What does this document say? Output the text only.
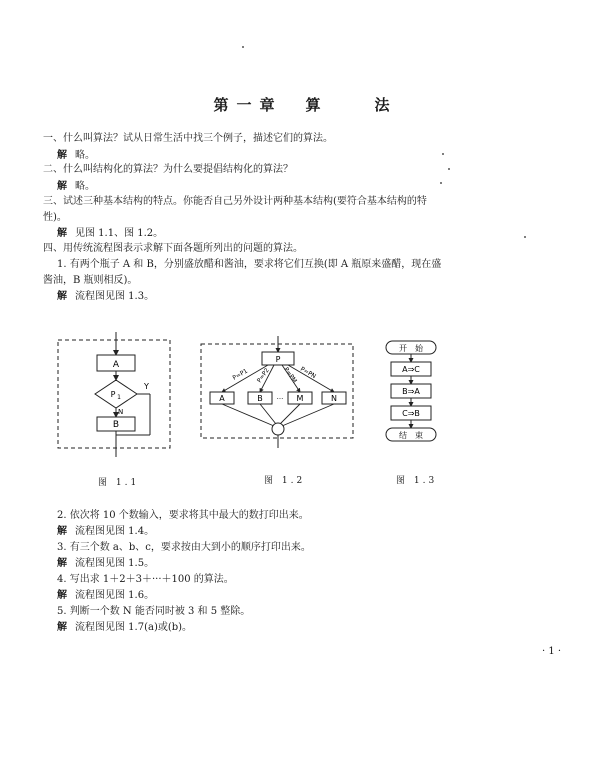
第一章　算　　法
一、什么叫算法？试从日常生活中找三个例子，描述它们的算法。
解 略。
二、什么叫结构化的算法？为什么要提倡结构化的算法？
解 略。
三、试述三种基本结构的特点。你能否自己另外设计两种基本结构(要符合基本结构的特
性)。
解 见图 1.1、图 1.2。
四、用传统流程图表示求解下面各题所列出的问题的算法。
1. 有两个瓶子 A 和 B，分别盛放醋和酱油，要求将它们互换(即 A 瓶原来盛醋，现在盛
酱油，B 瓶则相反)。
解 流程图见图 1.3。
A
P 1
Y
N
B
图 1.1
P
P=P1 P=P2 P=PM P=PN
A	B ··· M	N
图 1.2
开　始
A⇒C
B⇒A
C⇒B
结　束
图 1.3
2. 依次将 10 个数输入，要求将其中最大的数打印出来。
解 流程图见图 1.4。
3. 有三个数 a、b、c，要求按由大到小的顺序打印出来。
解 流程图见图 1.5。
4. 写出求 1＋2＋3＋···＋100 的算法。
解 流程图见图 1.6。
5. 判断一个数 N 能否同时被 3 和 5 整除。
解 流程图见图 1.7(a)或(b)。
· 1 ·
